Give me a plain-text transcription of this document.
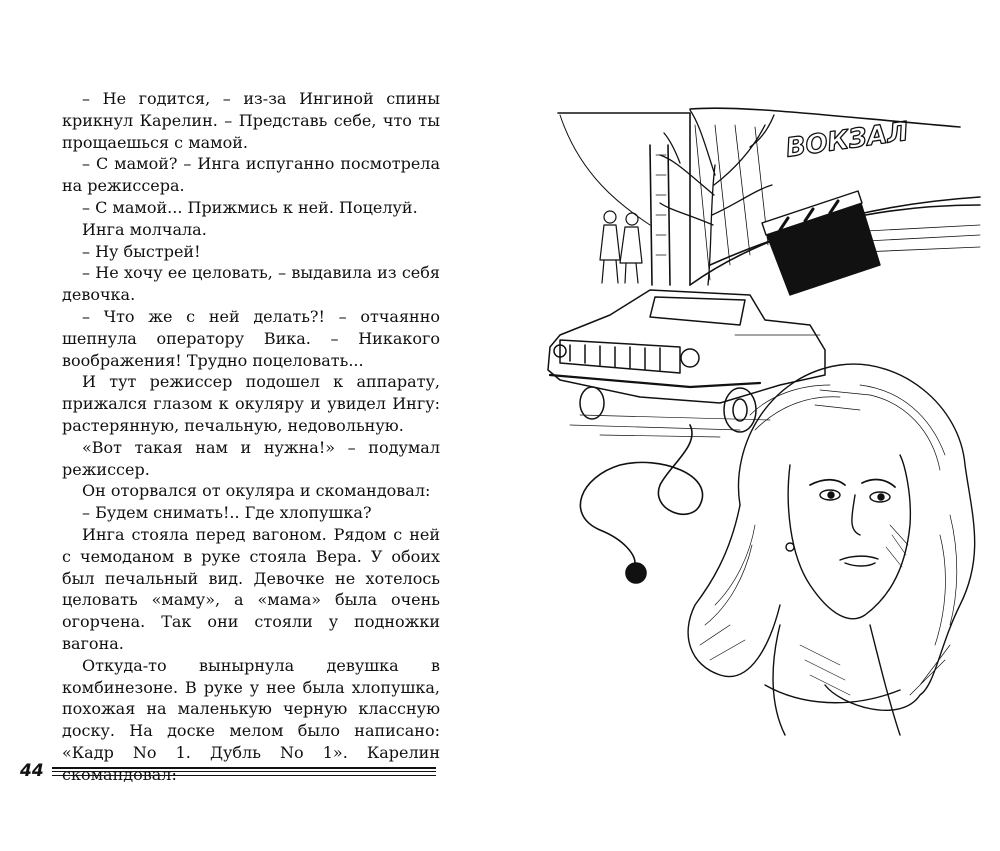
– Не годится, – из-за Ингиной спины крикнул Карелин. – Представь себе, что ты прощаешься с мамой.

– С мамой? – Инга испуганно посмотрела на режиссера.

– С мамой... Прижмись к ней. Поцелуй.

Инга молчала.

– Ну быстрей!

– Не хочу ее целовать, – выдавила из себя девочка.

– Что же с ней делать?! – отчаянно шепнула оператору Вика. – Никакого воображения! Трудно поцеловать...

И тут режиссер подошел к аппарату, прижался глазом к окуляру и увидел Ингу: растерянную, печальную, недовольную.

«Вот такая нам и нужна!» – подумал режиссер.

Он оторвался от окуляра и скомандовал:

– Будем снимать!.. Где хлопушка?

Инга стояла перед вагоном. Рядом с ней с чемоданом в руке стояла Вера. У обоих был печальный вид. Девочке не хотелось целовать «маму», а «мама» была очень огорчена. Так они стояли у подножки вагона.

Откуда-то вынырнула девушка в комбинезоне. В руке у нее была хлопушка, похожая на маленькую черную классную доску. На доске мелом было написано: «Кадр No 1. Дубль No 1». Карелин

44
ВОКЗАЛ
